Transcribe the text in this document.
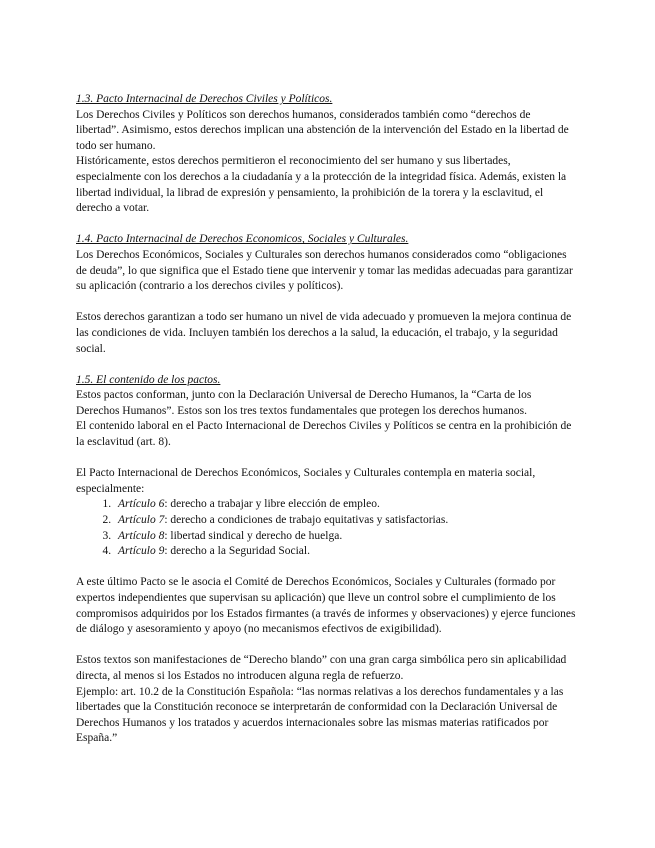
1.3. Pacto Internacinal de Derechos Civiles y Políticos.

Los Derechos Civiles y Políticos son derechos humanos, considerados también como “derechos de libertad”. Asimismo, estos derechos implican una abstención de la intervención del Estado en la libertad de todo ser humano.

Históricamente, estos derechos permitieron el reconocimiento del ser humano y sus libertades, especialmente con los derechos a la ciudadanía y a la protección de la integridad física. Además, existen la libertad individual, la librad de expresión y pensamiento, la prohibición de la torera y la esclavitud, el derecho a votar.

1.4. Pacto Internacinal de Derechos Economicos, Sociales y Culturales.

Los Derechos Económicos, Sociales y Culturales son derechos humanos considerados como “obligaciones de deuda”, lo que significa que el Estado tiene que intervenir y tomar las medidas adecuadas para garantizar su aplicación (contrario a los derechos civiles y políticos).

Estos derechos garantizan a todo ser humano un nivel de vida adecuado y promueven la mejora continua de las condiciones de vida. Incluyen también los derechos a la salud, la educación, el trabajo, y la seguridad social.

1.5. El contenido de los pactos.

Estos pactos conforman, junto con la Declaración Universal de Derecho Humanos, la “Carta de los Derechos Humanos”. Estos son los tres textos fundamentales que protegen los derechos humanos.

El contenido laboral en el Pacto Internacional de Derechos Civiles y Políticos se centra en la prohibición de la esclavitud (art. 8).

El Pacto Internacional de Derechos Económicos, Sociales y Culturales contempla en materia social, especialmente:

1. Artículo 6: derecho a trabajar y libre elección de empleo.
2. Artículo 7: derecho a condiciones de trabajo equitativas y satisfactorias.
3. Artículo 8: libertad sindical y derecho de huelga.
4. Artículo 9: derecho a la Seguridad Social.

A este último Pacto se le asocia el Comité de Derechos Económicos, Sociales y Culturales (formado por expertos independientes que supervisan su aplicación) que lleve un control sobre el cumplimiento de los compromisos adquiridos por los Estados firmantes (a través de informes y observaciones) y ejerce funciones de diálogo y asesoramiento y apoyo (no mecanismos efectivos de exigibilidad).

Estos textos son manifestaciones de “Derecho blando” con una gran carga simbólica pero sin aplicabilidad directa, al menos si los Estados no introducen alguna regla de refuerzo.

Ejemplo: art. 10.2 de la Constitución Española: “las normas relativas a los derechos fundamentales y a las libertades que la Constitución reconoce se interpretarán de conformidad con la Declaración Universal de Derechos Humanos y los tratados y acuerdos internacionales sobre las mismas materias ratificados por España.”
